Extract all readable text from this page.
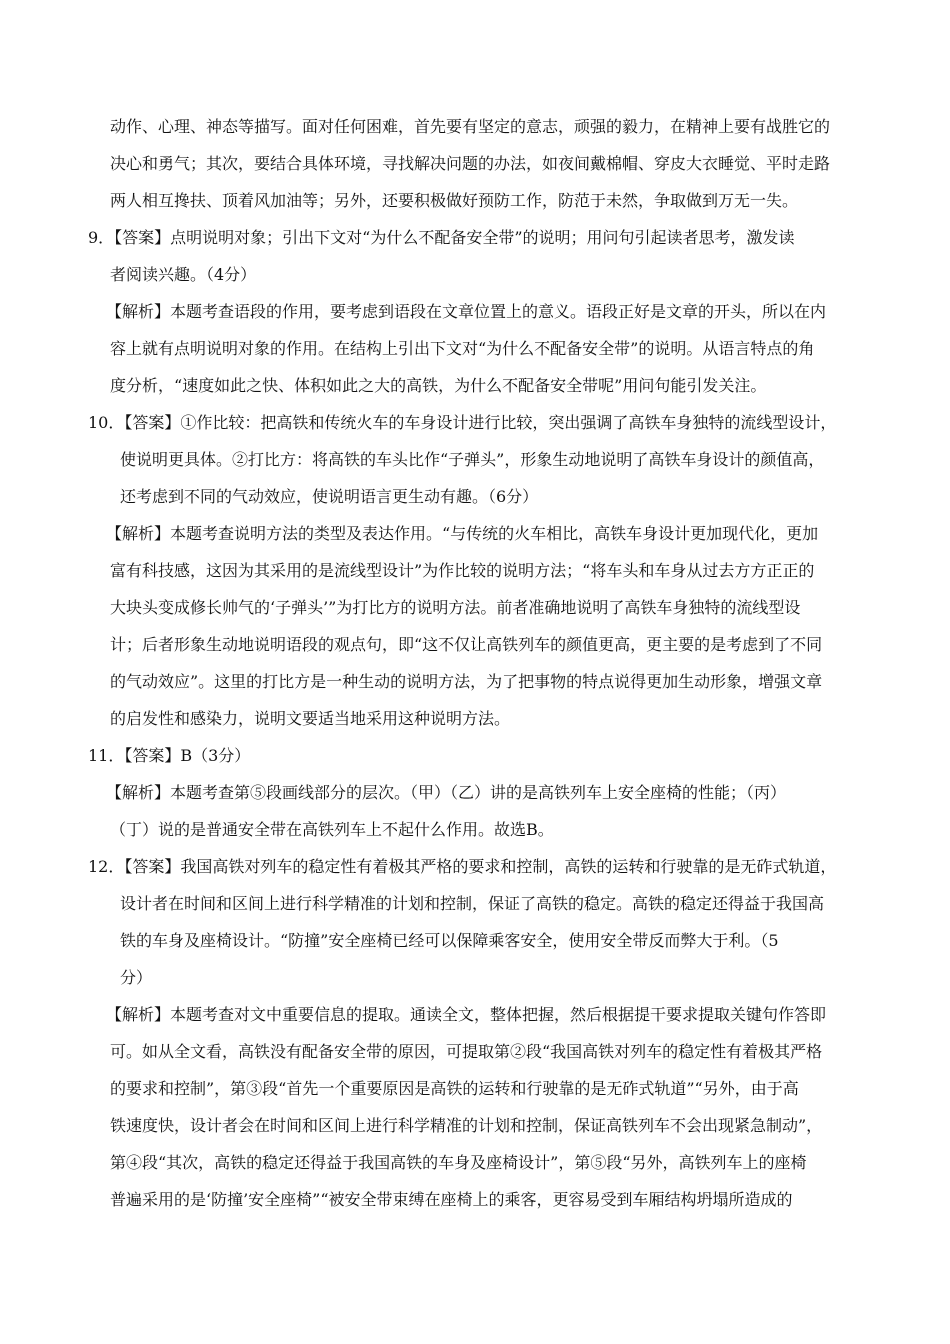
动作、心理、神态等描写。面对任何困难，首先要有坚定的意志，顽强的毅力，在精神上要有战胜它的
决心和勇气；其次，要结合具体环境，寻找解决问题的办法，如夜间戴棉帽、穿皮大衣睡觉、平时走路
两人相互搀扶、顶着风加油等；另外，还要积极做好预防工作，防范于未然，争取做到万无一失。
9．【答案】点明说明对象；引出下文对“为什么不配备安全带”的说明；用问句引起读者思考，激发读
者阅读兴趣。（4分）
【解析】本题考查语段的作用，要考虑到语段在文章位置上的意义。语段正好是文章的开头，所以在内
容上就有点明说明对象的作用。在结构上引出下文对“为什么不配备安全带”的说明。从语言特点的角
度分析，“速度如此之快、体积如此之大的高铁，为什么不配备安全带呢”用问句能引发关注。
10．【答案】①作比较：把高铁和传统火车的车身设计进行比较，突出强调了高铁车身独特的流线型设计，
使说明更具体。②打比方：将高铁的车头比作“子弹头”，形象生动地说明了高铁车身设计的颜值高，
还考虑到不同的气动效应，使说明语言更生动有趣。（6分）
【解析】本题考查说明方法的类型及表达作用。“与传统的火车相比，高铁车身设计更加现代化，更加
富有科技感，这因为其采用的是流线型设计”为作比较的说明方法；“将车头和车身从过去方方正正的
大块头变成修长帅气的‘子弹头’”为打比方的说明方法。前者准确地说明了高铁车身独特的流线型设
计；后者形象生动地说明语段的观点句，即“这不仅让高铁列车的颜值更高，更主要的是考虑到了不同
的气动效应”。这里的打比方是一种生动的说明方法，为了把事物的特点说得更加生动形象，增强文章
的启发性和感染力，说明文要适当地采用这种说明方法。
11．【答案】B（3分）
【解析】本题考查第⑤段画线部分的层次。（甲）（乙）讲的是高铁列车上安全座椅的性能；（丙）
（丁）说的是普通安全带在高铁列车上不起什么作用。故选B。
12．【答案】我国高铁对列车的稳定性有着极其严格的要求和控制，高铁的运转和行驶靠的是无砟式轨道，
设计者在时间和区间上进行科学精准的计划和控制，保证了高铁的稳定。高铁的稳定还得益于我国高
铁的车身及座椅设计。“防撞”安全座椅已经可以保障乘客安全，使用安全带反而弊大于利。（5
分）
【解析】本题考查对文中重要信息的提取。通读全文，整体把握，然后根据提干要求提取关键句作答即
可。如从全文看，高铁没有配备安全带的原因，可提取第②段“我国高铁对列车的稳定性有着极其严格
的要求和控制”，第③段“首先一个重要原因是高铁的运转和行驶靠的是无砟式轨道”“另外，由于高
铁速度快，设计者会在时间和区间上进行科学精准的计划和控制，保证高铁列车不会出现紧急制动”，
第④段“其次，高铁的稳定还得益于我国高铁的车身及座椅设计”，第⑤段“另外，高铁列车上的座椅
普遍采用的是‘防撞’安全座椅”“被安全带束缚在座椅上的乘客，更容易受到车厢结构坍塌所造成的
